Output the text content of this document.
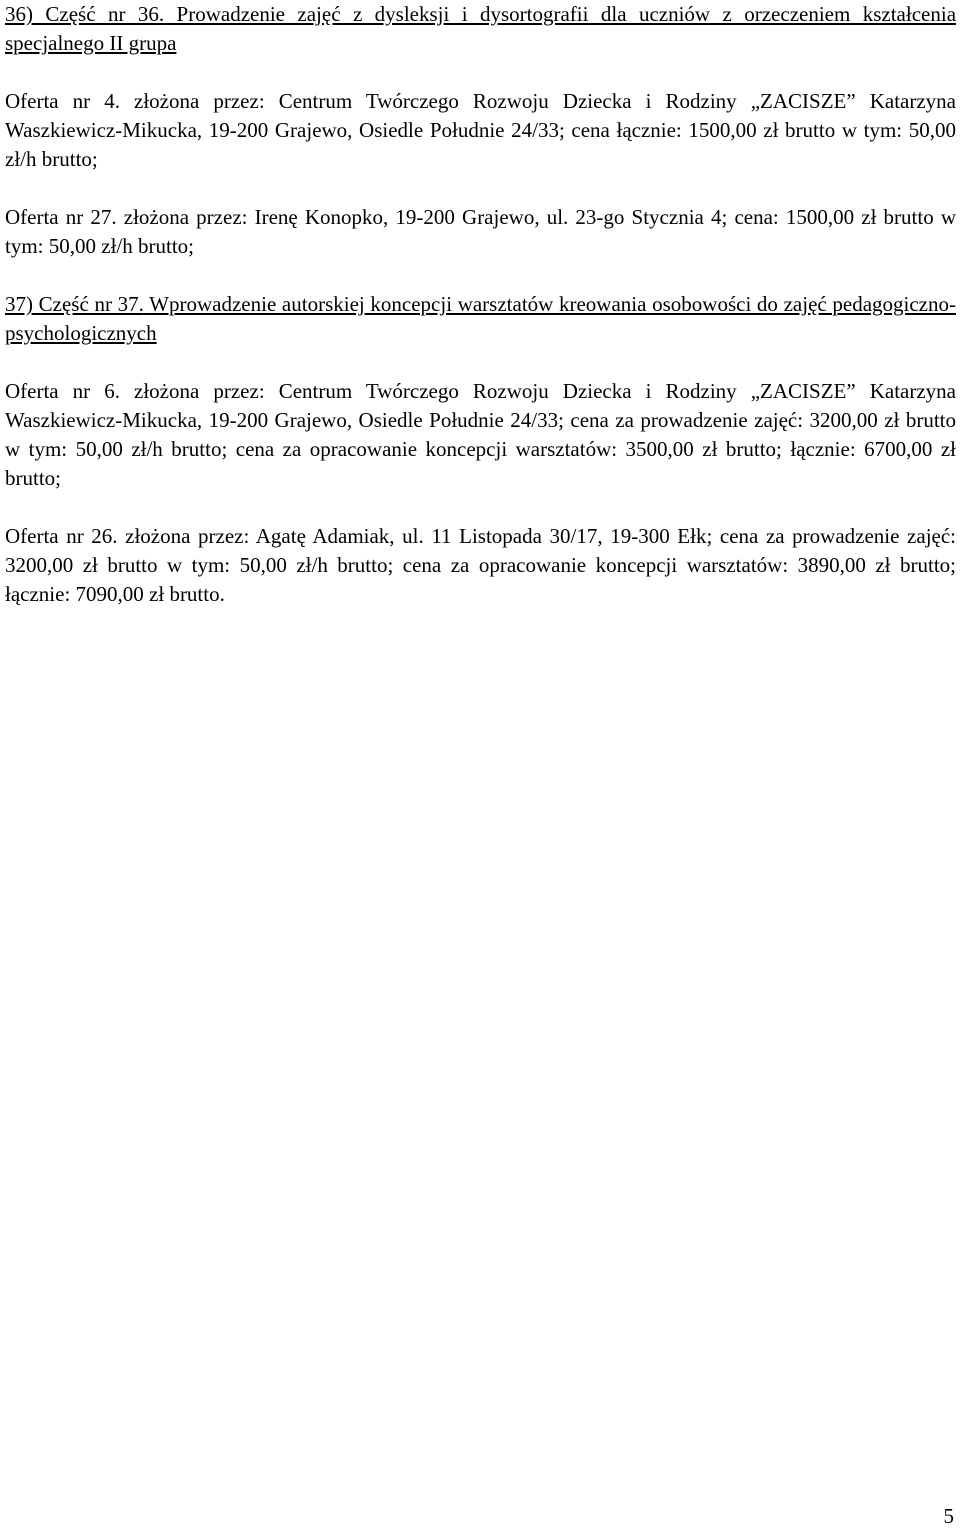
36) Część nr 36. Prowadzenie zajęć z dysleksji i dysortografii dla uczniów z orzeczeniem kształcenia specjalnego II grupa

Oferta nr 4. złożona przez: Centrum Twórczego Rozwoju Dziecka i Rodziny „ZACISZE” Katarzyna Waszkiewicz-Mikucka, 19-200 Grajewo, Osiedle Południe 24/33; cena łącznie: 1500,00 zł brutto w tym: 50,00 zł/h brutto;

Oferta nr 27. złożona przez: Irenę Konopko, 19-200 Grajewo, ul. 23-go Stycznia 4; cena: 1500,00 zł brutto w tym: 50,00 zł/h brutto;

37) Część nr 37. Wprowadzenie autorskiej koncepcji warsztatów kreowania osobowości do zajęć pedagogiczno-psychologicznych

Oferta nr 6. złożona przez: Centrum Twórczego Rozwoju Dziecka i Rodziny „ZACISZE” Katarzyna Waszkiewicz-Mikucka, 19-200 Grajewo, Osiedle Południe 24/33; cena za prowadzenie zajęć: 3200,00 zł brutto w tym: 50,00 zł/h brutto; cena za opracowanie koncepcji warsztatów: 3500,00 zł brutto; łącznie: 6700,00 zł brutto;

Oferta nr 26. złożona przez: Agatę Adamiak, ul. 11 Listopada 30/17, 19-300 Ełk; cena za prowadzenie zajęć: 3200,00 zł brutto w tym: 50,00 zł/h brutto; cena za opracowanie koncepcji warsztatów: 3890,00 zł brutto; łącznie: 7090,00 zł brutto.

5
